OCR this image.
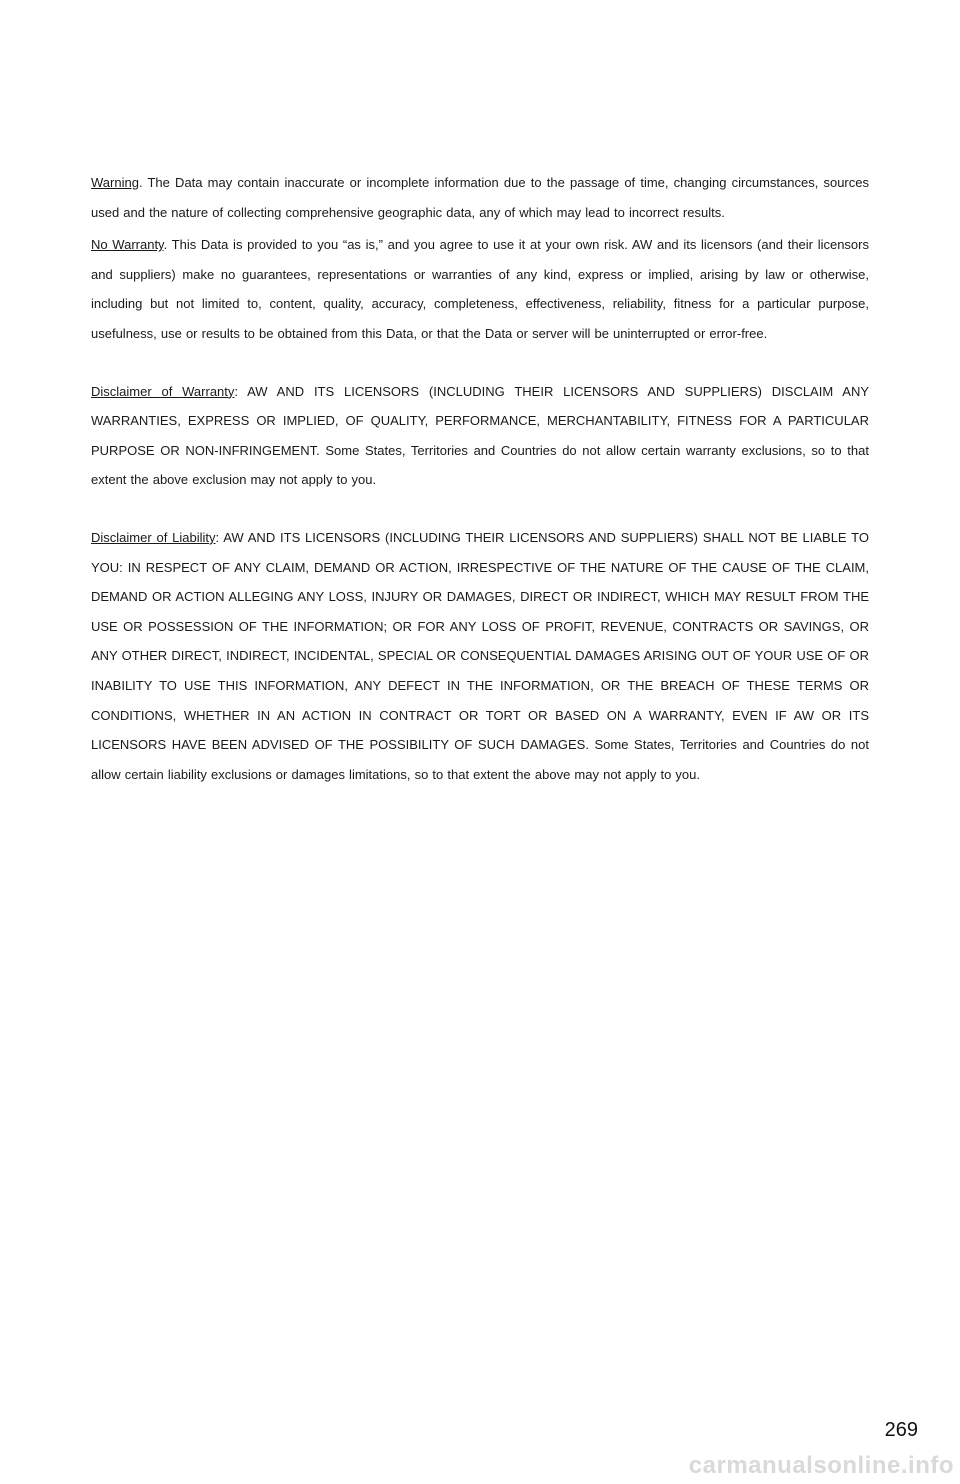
Warning. The Data may contain inaccurate or incomplete information due to the passage of time, changing circumstances, sources used and the nature of collecting comprehensive geographic data, any of which may lead to incorrect results.

No Warranty. This Data is provided to you “as is,” and you agree to use it at your own risk. AW and its licensors (and their licensors and suppliers) make no guarantees, representations or warranties of any kind, express or implied, arising by law or otherwise, including but not limited to, content, quality, accuracy, completeness, effectiveness, reliability, fitness for a particular purpose, usefulness, use or results to be obtained from this Data, or that the Data or server will be uninterrupted or error-free.

Disclaimer of Warranty: AW AND ITS LICENSORS (INCLUDING THEIR LICENSORS AND SUPPLIERS) DISCLAIM ANY WARRANTIES, EXPRESS OR IMPLIED, OF QUALITY, PERFORMANCE, MERCHANTABILITY, FITNESS FOR A PARTICULAR PURPOSE OR NON-INFRINGEMENT. Some States, Territories and Countries do not allow certain warranty exclusions, so to that extent the above exclusion may not apply to you.

Disclaimer of Liability: AW AND ITS LICENSORS (INCLUDING THEIR LICENSORS AND SUPPLIERS) SHALL NOT BE LIABLE TO YOU: IN RESPECT OF ANY CLAIM, DEMAND OR ACTION, IRRESPECTIVE OF THE NATURE OF THE CAUSE OF THE CLAIM, DEMAND OR ACTION ALLEGING ANY LOSS, INJURY OR DAMAGES, DIRECT OR INDIRECT, WHICH MAY RESULT FROM THE USE OR POSSESSION OF THE INFORMATION; OR FOR ANY LOSS OF PROFIT, REVENUE, CONTRACTS OR SAVINGS, OR ANY OTHER DIRECT, INDIRECT, INCIDENTAL, SPECIAL OR CONSEQUENTIAL DAMAGES ARISING OUT OF YOUR USE OF OR INABILITY TO USE THIS INFORMATION, ANY DEFECT IN THE INFORMATION, OR THE BREACH OF THESE TERMS OR CONDITIONS, WHETHER IN AN ACTION IN CONTRACT OR TORT OR BASED ON A WARRANTY, EVEN IF AW OR ITS LICENSORS HAVE BEEN ADVISED OF THE POSSIBILITY OF SUCH DAMAGES. Some States, Territories and Countries do not allow certain liability exclusions or damages limitations, so to that extent the above may not apply to you.

269
carmanualsonline.info
